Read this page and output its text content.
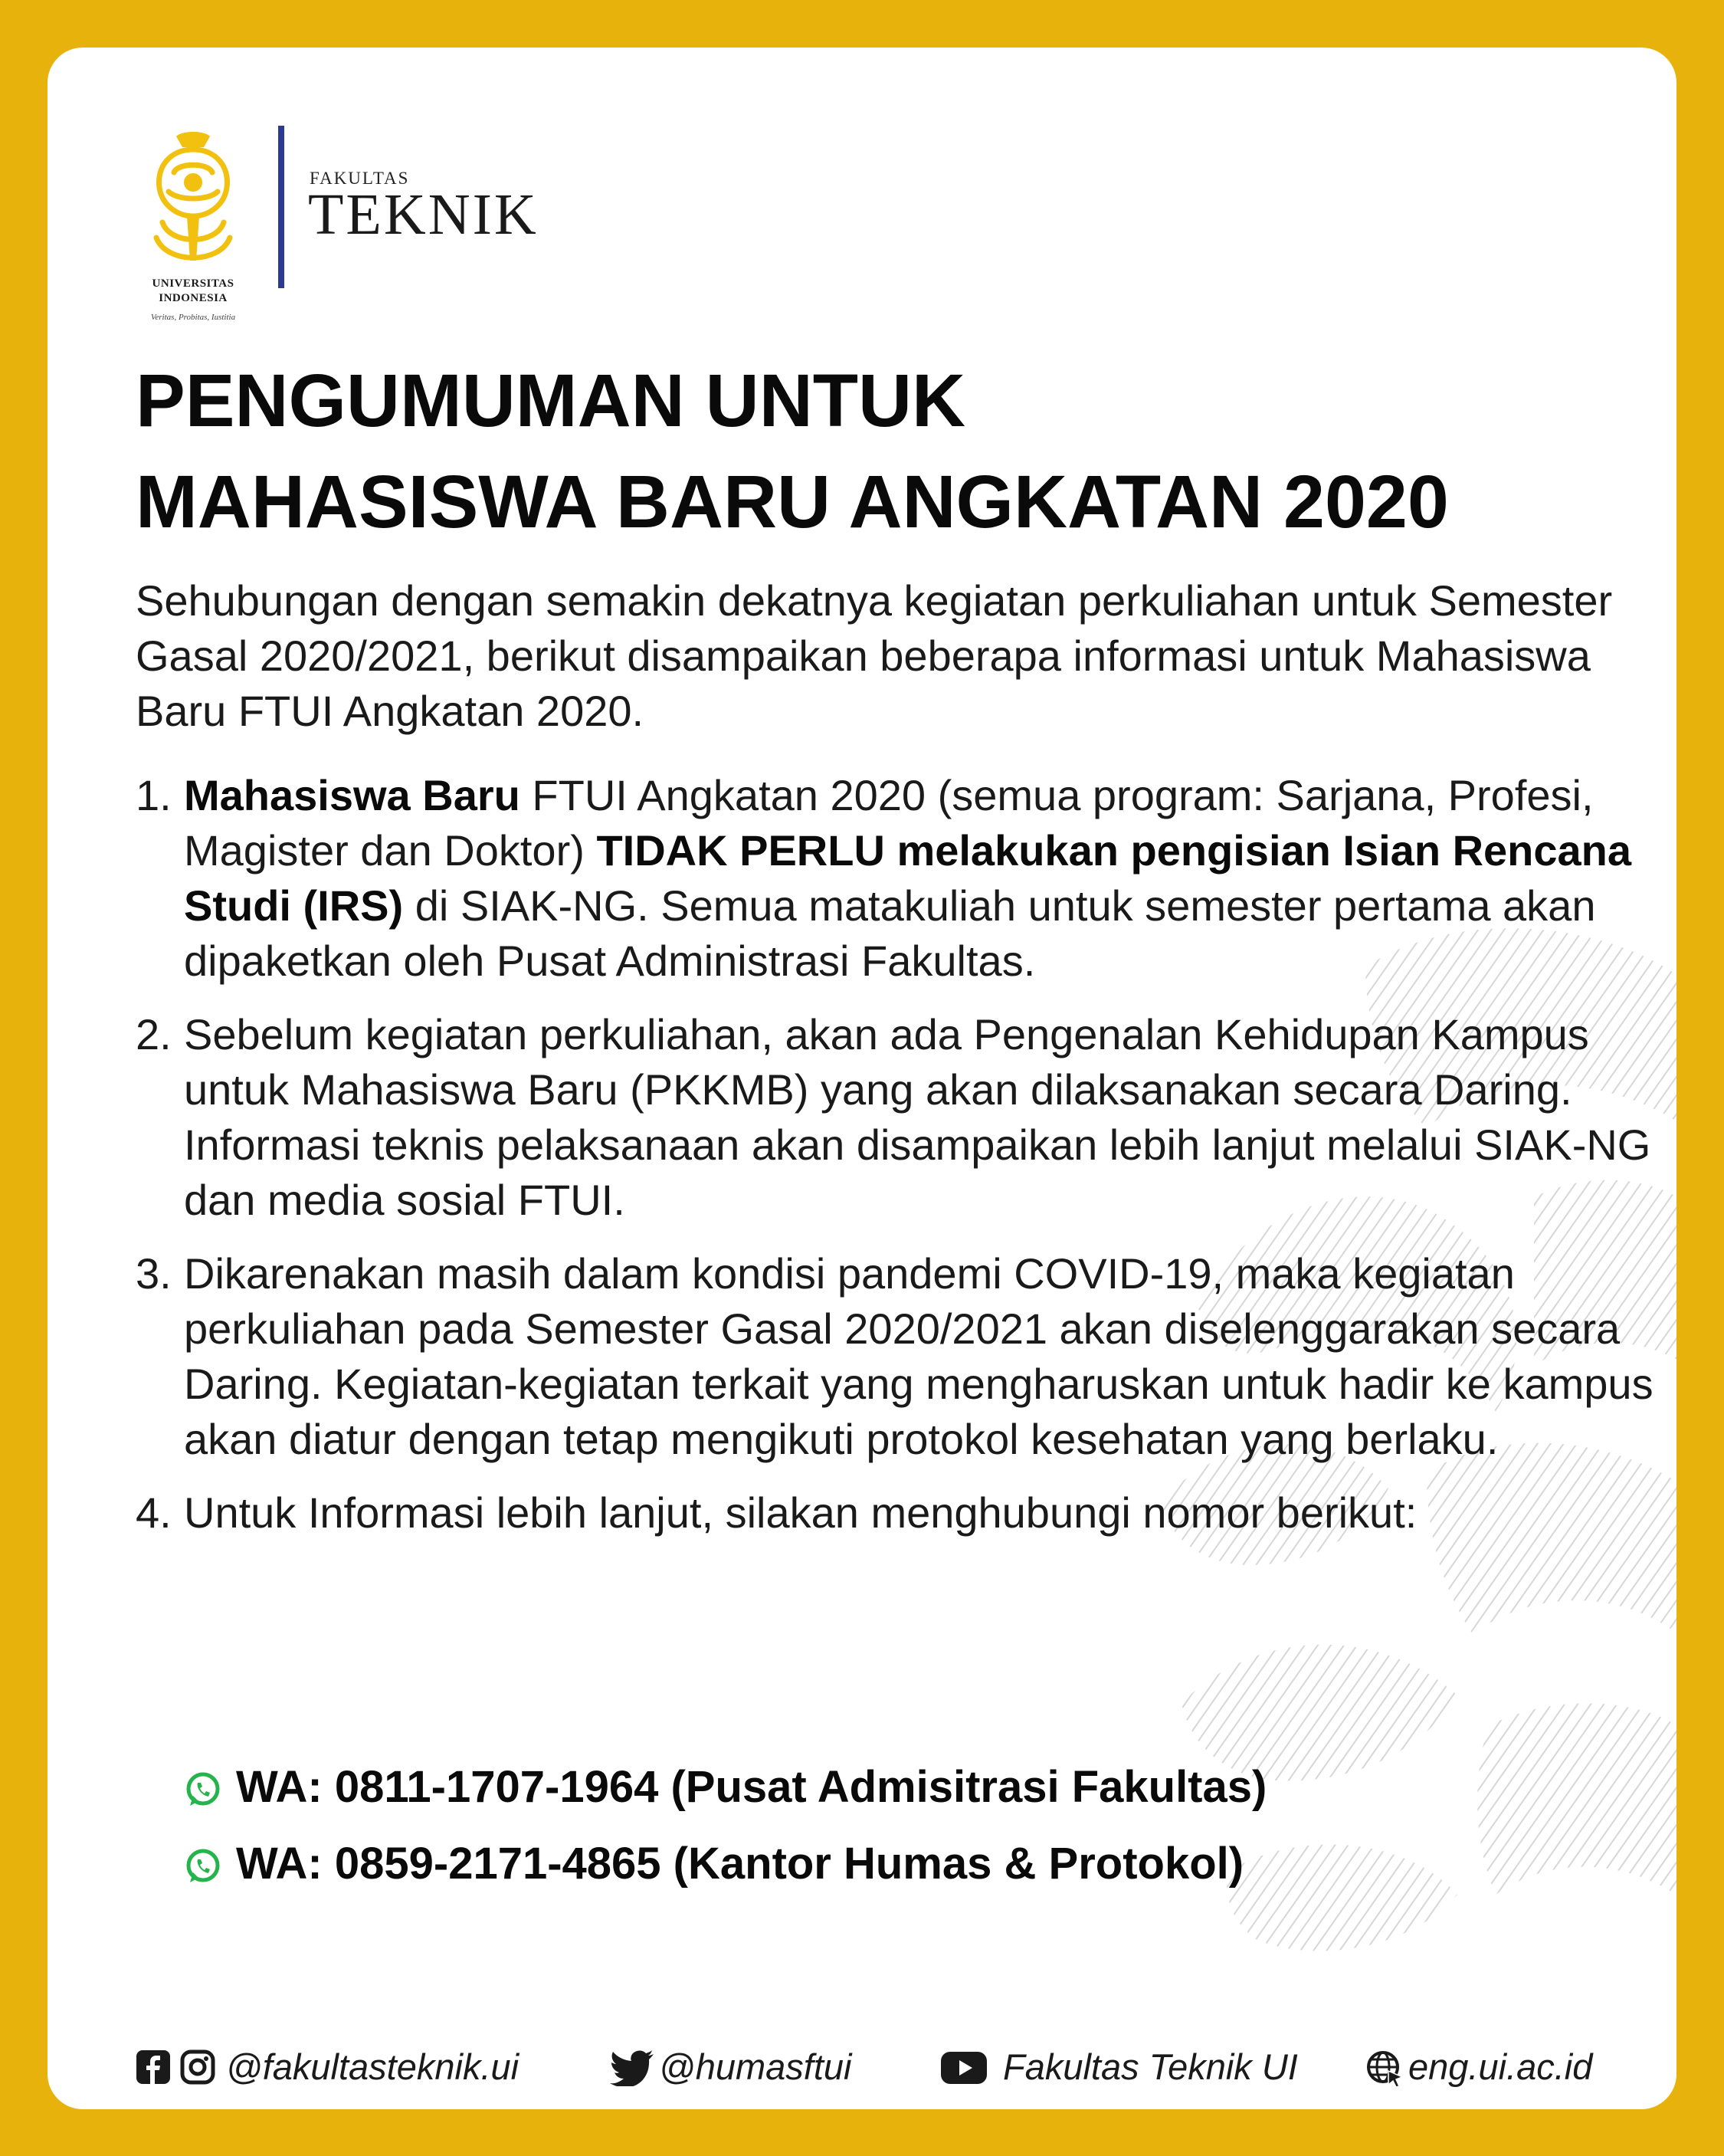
UNIVERSITAS
INDONESIA
Veritas, Probitas, Iustitia
FAKULTAS
TEKNIK
PENGUMUMAN UNTUK
MAHASISWA BARU ANGKATAN 2020

Sehubungan dengan semakin dekatnya kegiatan perkuliahan untuk Semester Gasal 2020/2021, berikut disampaikan beberapa informasi untuk Mahasiswa Baru FTUI Angkatan 2020.

1. Mahasiswa Baru FTUI Angkatan 2020 (semua program: Sarjana, Profesi, Magister dan Doktor) TIDAK PERLU melakukan pengisian Isian Rencana Studi (IRS) di SIAK-NG. Semua matakuliah untuk semester pertama akan dipaketkan oleh Pusat Administrasi Fakultas.
2. Sebelum kegiatan perkuliahan, akan ada Pengenalan Kehidupan Kampus untuk Mahasiswa Baru (PKKMB) yang akan dilaksanakan secara Daring. Informasi teknis pelaksanaan akan disampaikan lebih lanjut melalui SIAK-NG dan media sosial FTUI.
3. Dikarenakan masih dalam kondisi pandemi COVID-19, maka kegiatan perkuliahan pada Semester Gasal 2020/2021 akan diselenggarakan secara Daring. Kegiatan-kegiatan terkait yang mengharuskan untuk hadir ke kampus akan diatur dengan tetap mengikuti protokol kesehatan yang berlaku.
4. Untuk Informasi lebih lanjut, silakan menghubungi nomor berikut:
WA: 0811-1707-1964 (Pusat Admisitrasi Fakultas)
WA: 0859-2171-4865 (Kantor Humas & Protokol)
@fakultasteknik.ui	@humasftui	Fakultas Teknik UI	eng.ui.ac.id
